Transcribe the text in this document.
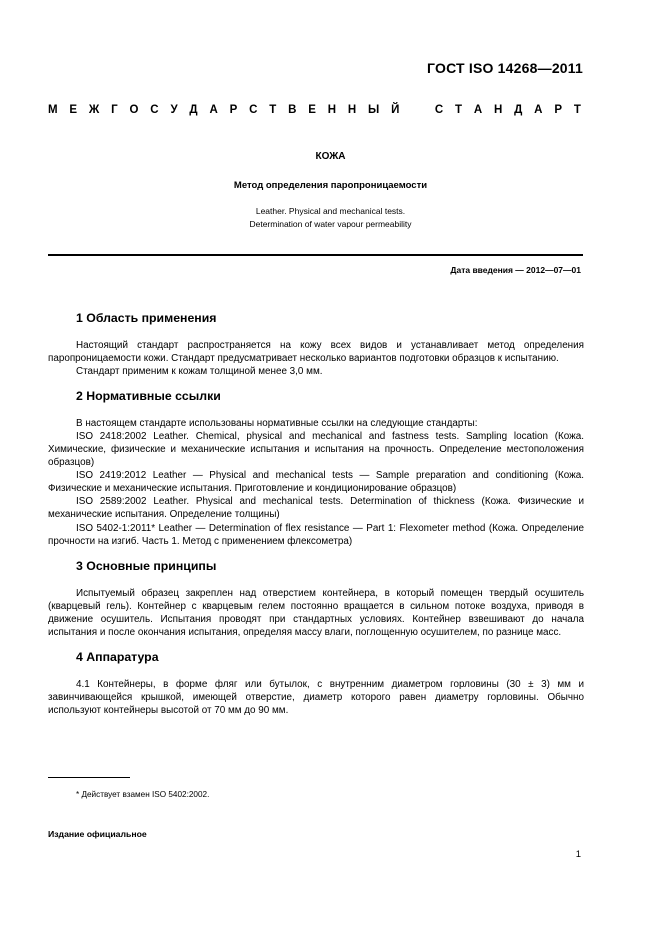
ГОСТ ISO 14268—2011
М Е Ж Г О С У Д А Р С Т В Е Н Н Ы Й	С Т А Н Д А Р Т
КОЖА
Метод определения паропроницаемости
Leather. Physical and mechanical tests.
Determination of water vapour permeability
Дата введения — 2012—07—01
1 Область применения

Настоящий стандарт распространяется на кожу всех видов и устанавливает метод определения паропроницаемости кожи. Стандарт предусматривает несколько вариантов подготовки образцов к испытанию.

Стандарт применим к кожам толщиной менее 3,0 мм.

2 Нормативные ссылки

В настоящем стандарте использованы нормативные ссылки на следующие стандарты:

ISO 2418:2002 Leather. Chemical, physical and mechanical and fastness tests. Sampling location (Кожа. Химические, физические и механические испытания и испытания на прочность. Определение местоположения образцов)

ISO 2419:2012 Leather — Physical and mechanical tests — Sample preparation and conditioning (Кожа. Физические и механические испытания. Приготовление и кондиционирование образцов)

ISO 2589:2002 Leather. Physical and mechanical tests. Determination of thickness (Кожа. Физические и механические испытания. Определение толщины)

ISO 5402-1:2011* Leather — Determination of flex resistance — Part 1: Flexometer method (Кожа. Определение прочности на изгиб. Часть 1. Метод с применением флексометра)

3 Основные принципы

Испытуемый образец закреплен над отверстием контейнера, в который помещен твердый осушитель (кварцевый гель). Контейнер с кварцевым гелем постоянно вращается в сильном потоке воздуха, приводя в движение осушитель. Испытания проводят при стандартных условиях. Контейнер взвешивают до начала испытания и после окончания испытания, определяя массу влаги, поглощенную осушителем, по разнице масс.

4 Аппаратура

4.1 Контейнеры, в форме фляг или бутылок, с внутренним диаметром горловины (30 ± 3) мм и завинчивающейся крышкой, имеющей отверстие, диаметр которого равен диаметру горловины. Обычно используют контейнеры высотой от 70 мм до 90 мм.

* Действует взамен ISO 5402:2002.
Издание официальное
1
